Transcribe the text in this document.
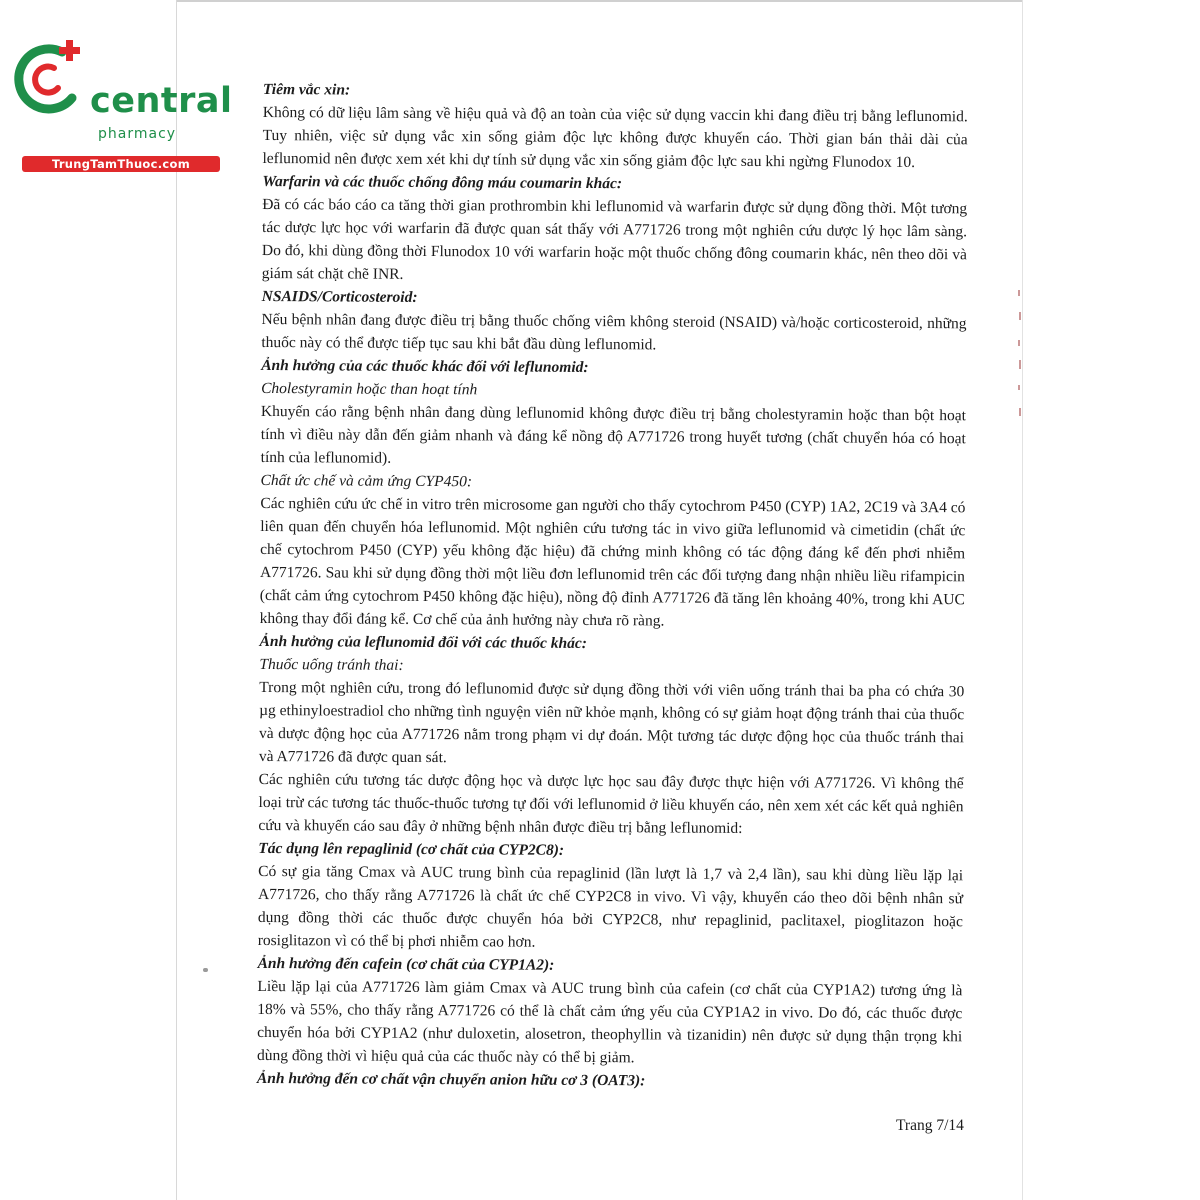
central
pharmacy
TrungTamThuoc.com

Tiêm vắc xin:

Không có dữ liệu lâm sàng về hiệu quả và độ an toàn của việc sử dụng vaccin khi đang điều trị bằng leflunomid. Tuy nhiên, việc sử dụng vắc xin sống giảm độc lực không được khuyến cáo. Thời gian bán thải dài của leflunomid nên được xem xét khi dự tính sử dụng vắc xin sống giảm độc lực sau khi ngừng Flunodox 10.

Warfarin và các thuốc chống đông máu coumarin khác:

Đã có các báo cáo ca tăng thời gian prothrombin khi leflunomid và warfarin được sử dụng đồng thời. Một tương tác dược lực học với warfarin đã được quan sát thấy với A771726 trong một nghiên cứu dược lý học lâm sàng. Do đó, khi dùng đồng thời Flunodox 10 với warfarin hoặc một thuốc chống đông coumarin khác, nên theo dõi và giám sát chặt chẽ INR.

NSAIDS/Corticosteroid:

Nếu bệnh nhân đang được điều trị bằng thuốc chống viêm không steroid (NSAID) và/hoặc corticosteroid, những thuốc này có thể được tiếp tục sau khi bắt đầu dùng leflunomid.

Ảnh hưởng của các thuốc khác đối với leflunomid:

Cholestyramin hoặc than hoạt tính

Khuyến cáo rằng bệnh nhân đang dùng leflunomid không được điều trị bằng cholestyramin hoặc than bột hoạt tính vì điều này dẫn đến giảm nhanh và đáng kể nồng độ A771726 trong huyết tương (chất chuyển hóa có hoạt tính của leflunomid).

Chất ức chế và cảm ứng CYP450:

Các nghiên cứu ức chế in vitro trên microsome gan người cho thấy cytochrom P450 (CYP) 1A2, 2C19 và 3A4 có liên quan đến chuyển hóa leflunomid. Một nghiên cứu tương tác in vivo giữa leflunomid và cimetidin (chất ức chế cytochrom P450 (CYP) yếu không đặc hiệu) đã chứng minh không có tác động đáng kể đến phơi nhiễm A771726. Sau khi sử dụng đồng thời một liều đơn leflunomid trên các đối tượng đang nhận nhiều liều rifampicin (chất cảm ứng cytochrom P450 không đặc hiệu), nồng độ đỉnh A771726 đã tăng lên khoảng 40%, trong khi AUC không thay đổi đáng kể. Cơ chế của ảnh hưởng này chưa rõ ràng.

Ảnh hưởng của leflunomid đối với các thuốc khác:

Thuốc uống tránh thai:

Trong một nghiên cứu, trong đó leflunomid được sử dụng đồng thời với viên uống tránh thai ba pha có chứa 30 µg ethinyloestradiol cho những tình nguyện viên nữ khỏe mạnh, không có sự giảm hoạt động tránh thai của thuốc và dược động học của A771726 nằm trong phạm vi dự đoán. Một tương tác dược động học của thuốc tránh thai và A771726 đã được quan sát.

Các nghiên cứu tương tác dược động học và dược lực học sau đây được thực hiện với A771726. Vì không thể loại trừ các tương tác thuốc-thuốc tương tự đối với leflunomid ở liều khuyến cáo, nên xem xét các kết quả nghiên cứu và khuyến cáo sau đây ở những bệnh nhân được điều trị bằng leflunomid:

Tác dụng lên repaglinid (cơ chất của CYP2C8):

Có sự gia tăng Cmax và AUC trung bình của repaglinid (lần lượt là 1,7 và 2,4 lần), sau khi dùng liều lặp lại A771726, cho thấy rằng A771726 là chất ức chế CYP2C8 in vivo. Vì vậy, khuyến cáo theo dõi bệnh nhân sử dụng đồng thời các thuốc được chuyển hóa bởi CYP2C8, như repaglinid, paclitaxel, pioglitazon hoặc rosiglitazon vì có thể bị phơi nhiễm cao hơn.

Ảnh hưởng đến cafein (cơ chất của CYP1A2):

Liều lặp lại của A771726 làm giảm Cmax và AUC trung bình của cafein (cơ chất của CYP1A2) tương ứng là 18% và 55%, cho thấy rằng A771726 có thể là chất cảm ứng yếu của CYP1A2 in vivo. Do đó, các thuốc được chuyển hóa bởi CYP1A2 (như duloxetin, alosetron, theophyllin và tizanidin) nên được sử dụng thận trọng khi dùng đồng thời vì hiệu quả của các thuốc này có thể bị giảm.

Ảnh hưởng đến cơ chất vận chuyển anion hữu cơ 3 (OAT3):

Trang 7/14
